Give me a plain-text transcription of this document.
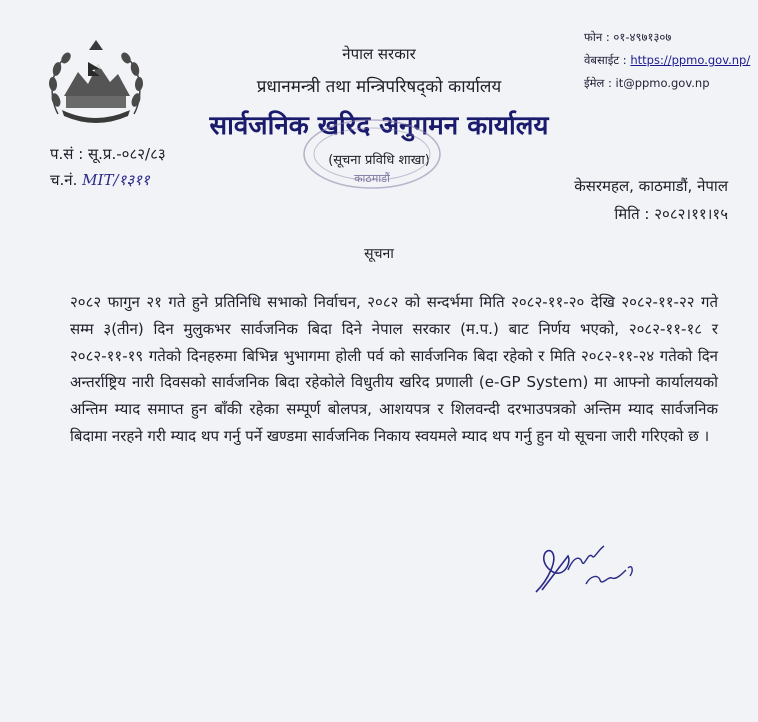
नेपाल सरकार
प्रधानमन्त्री तथा मन्त्रिपरिषद्‌को कार्यालय
सार्वजनिक खरिद अनुगमन कार्यालय
(सूचना प्रविधि शाखा)
काठमाडौं
फोन : ०१-४९७१३०७
वेबसाईट : https://ppmo.gov.np/
ईमेल : it@ppmo.gov.np
प.सं : सू.प्र.-०८२/८३
च.नं. MIT/१३११	केसरमहल, काठमाडौं, नेपाल
मिति : २०८२।११।१५
सूचना
२०८२ फागुन २१ गते हुने प्रतिनिधि सभाको निर्वाचन, २०८२ को सन्दर्भमा मिति २०८२-११-२० देखि २०८२-११-२२ गते सम्म ३(तीन) दिन मुलुकभर सार्वजनिक बिदा दिने नेपाल सरकार (म.प.) बाट निर्णय भएको, २०८२-११-१८ र २०८२-११-१९ गतेको दिनहरुमा बिभिन्न भुभागमा होली पर्व को सार्वजनिक बिदा रहेको र मिति २०८२-११-२४ गतेको दिन अन्तर्राष्ट्रिय नारी दिवसको सार्वजनिक बिदा रहेकोले विधुतीय खरिद प्रणाली (e-GP System) मा आफ्नो कार्यालयको अन्तिम म्याद समाप्त हुन बाँकी रहेका सम्पूर्ण बोलपत्र, आशयपत्र र शिलवन्दी दरभाउपत्रको अन्तिम म्याद सार्वजनिक बिदामा नरहने गरी म्याद थप गर्नु पर्ने खण्डमा सार्वजनिक निकाय स्वयमले म्याद थप गर्नु हुन यो सूचना जारी गरिएको छ ।
